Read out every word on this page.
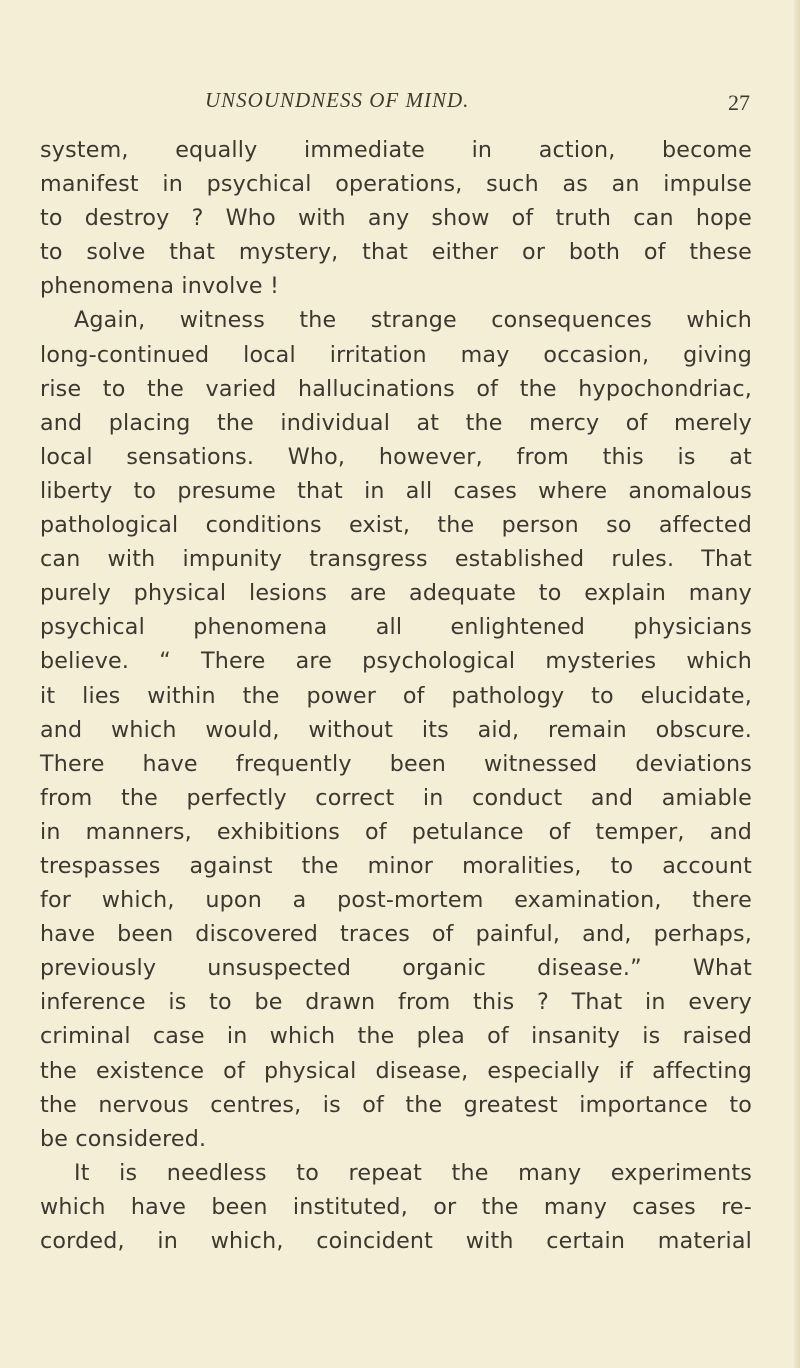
UNSOUNDNESS OF MIND.	27
system, equally immediate in action, become
manifest in psychical operations, such as an impulse
to destroy ? Who with any show of truth can hope
to solve that mystery, that either or both of these
phenomena involve !
Again, witness the strange consequences which
long-continued local irritation may occasion, giving
rise to the varied hallucinations of the hypochondriac,
and placing the individual at the mercy of merely
local sensations. Who, however, from this is at
liberty to presume that in all cases where anomalous
pathological conditions exist, the person so affected
can with impunity transgress established rules. That
purely physical lesions are adequate to explain many
psychical phenomena all enlightened physicians
believe. “ There are psychological mysteries which
it lies within the power of pathology to elucidate,
and which would, without its aid, remain obscure.
There have frequently been witnessed deviations
from the perfectly correct in conduct and amiable
in manners, exhibitions of petulance of temper, and
trespasses against the minor moralities, to account
for which, upon a post-mortem examination, there
have been discovered traces of painful, and, perhaps,
previously unsuspected organic disease.” What
inference is to be drawn from this ? That in every
criminal case in which the plea of insanity is raised
the existence of physical disease, especially if affecting
the nervous centres, is of the greatest importance to
be considered.
It is needless to repeat the many experiments
which have been instituted, or the many cases re-
corded, in which, coincident with certain material
